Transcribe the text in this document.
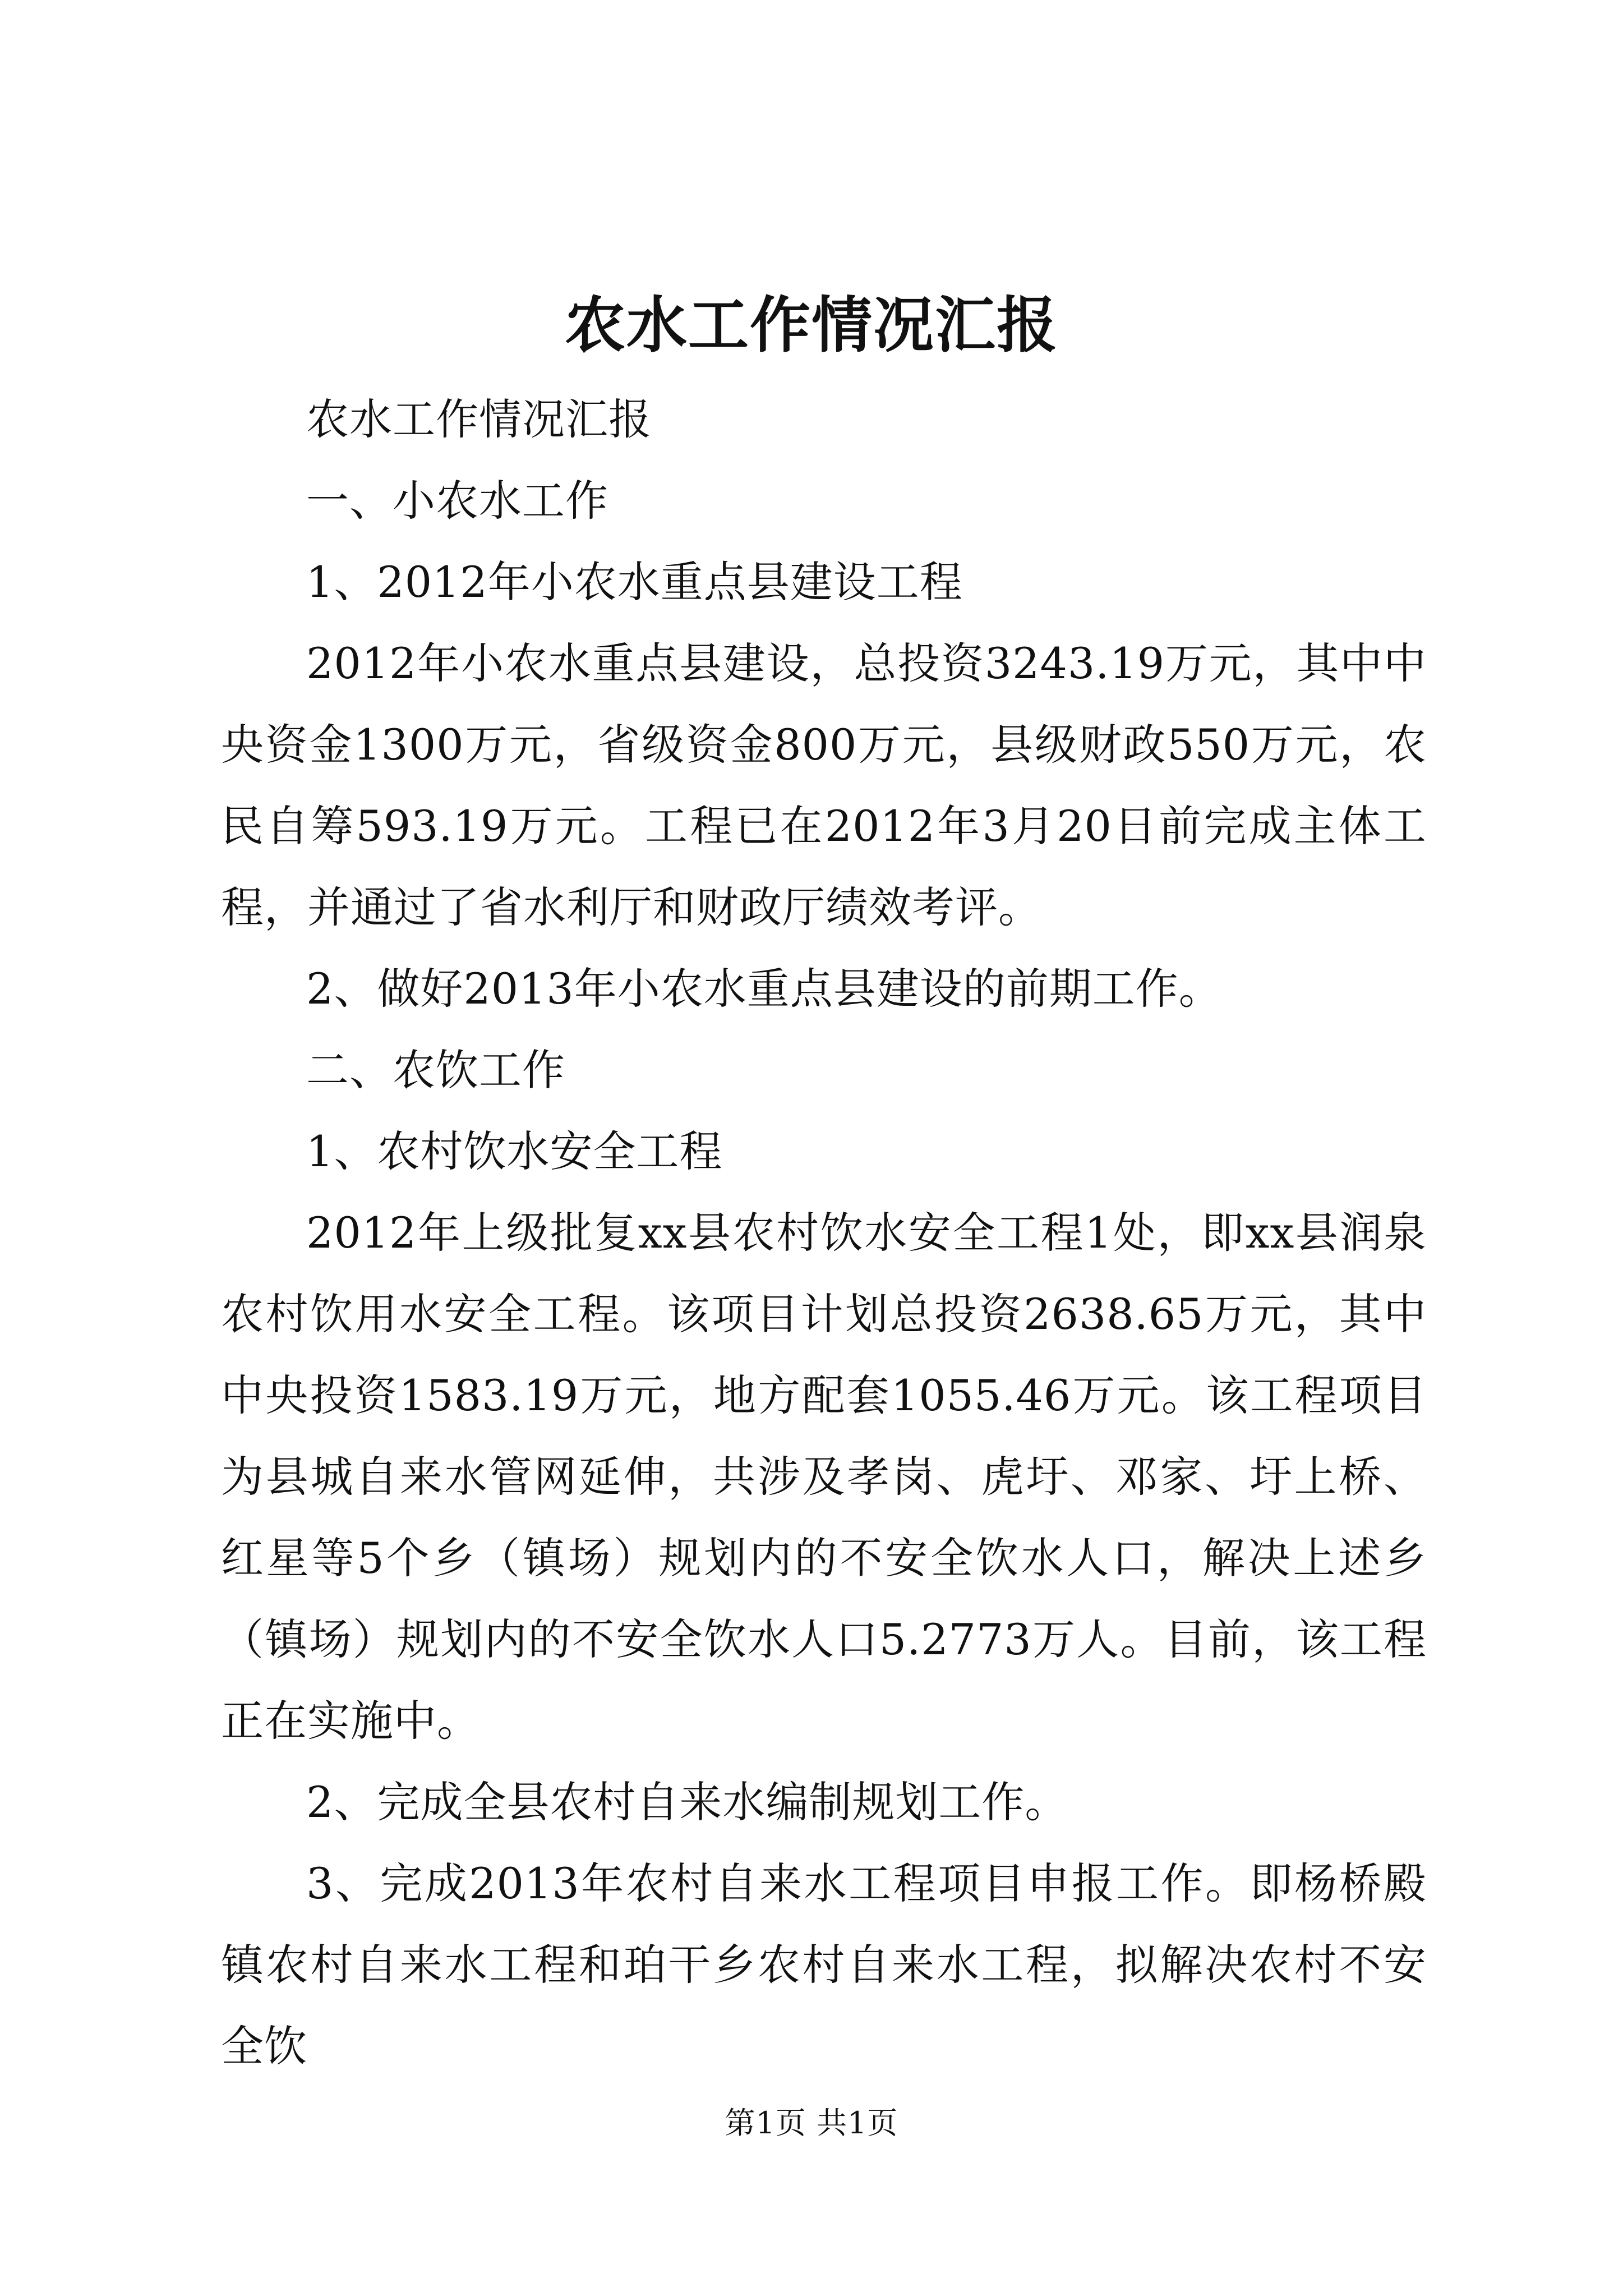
农水工作情况汇报

农水工作情况汇报

一、小农水工作

1、2012年小农水重点县建设工程

2012年小农水重点县建设，总投资3243.19万元，其中中央资金1300万元，省级资金800万元，县级财政550万元，农民自筹593.19万元。工程已在2012年3月20日前完成主体工程，并通过了省水利厅和财政厅绩效考评。

2、做好2013年小农水重点县建设的前期工作。

二、农饮工作

1、农村饮水安全工程

2012年上级批复xx县农村饮水安全工程1处，即xx县润泉农村饮用水安全工程。该项目计划总投资2638.65万元，其中中央投资1583.19万元，地方配套1055.46万元。该工程项目为县城自来水管网延伸，共涉及孝岗、虎圩、邓家、圩上桥、红星等5个乡（镇场）规划内的不安全饮水人口，解决上述乡（镇场）规划内的不安全饮水人口5.2773万人。目前，该工程正在实施中。

2、完成全县农村自来水编制规划工作。

3、完成2013年农村自来水工程项目申报工作。即杨桥殿镇农村自来水工程和珀干乡农村自来水工程，拟解决农村不安全饮

第1页 共1页
